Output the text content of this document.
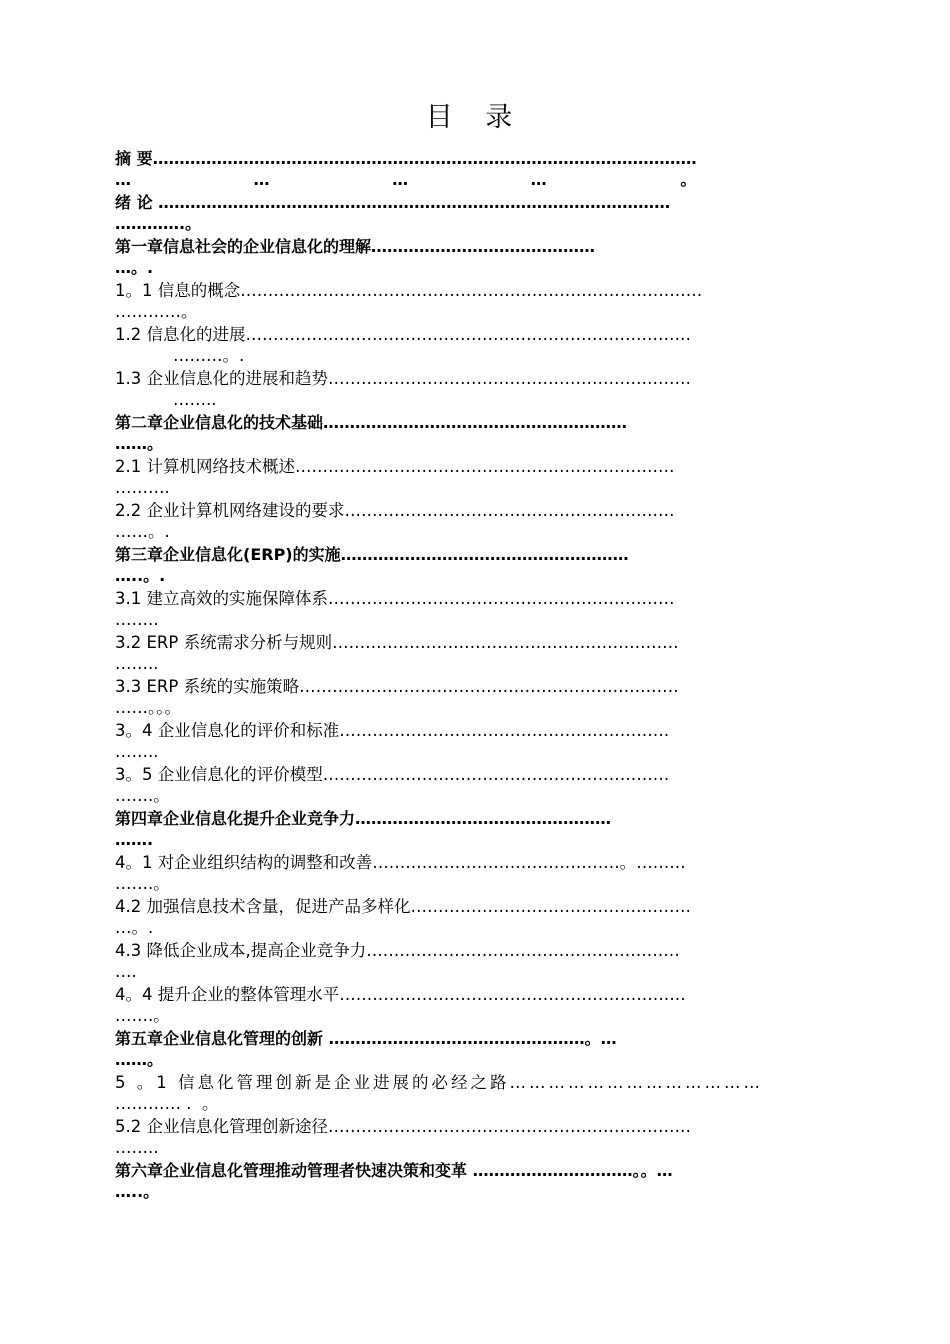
目 录
摘 要…………………………………………………………………………………………
…                      …                      …                      …                        。
绪 论 ……………………………………………………………………………………
………….。
第一章信息社会的企业信息化的理解……………………………………
…。.
1。1 信息的概念…………………………………………………………………………
…………。
1.2 信息化的进展………………………………………………………………………
………。.
1.3 企业信息化的进展和趋势…………………………………………………………
……..
第二章企业信息化的技术基础…………………………………………………
……。
2.1 计算机网络技术概述……………………………………………………………
……….
2.2 企业计算机网络建设的要求……………………………………………………
……。.
第三章企业信息化(ERP)的实施………………………………………………
…..。.
3.1 建立高效的实施保障体系………………………………………………………
……..
3.2 ERP 系统需求分析与规则………………………………………………………
……..
3.3 ERP 系统的实施策略……………………………………………………………
……。。。
3。4 企业信息化的评价和标准……………………………………………………
……..
3。5 企业信息化的评价模型………………………………………………………
…….。
第四章企业信息化提升企业竞争力…………………………………………
…….
4。1 对企业组织结构的调整和改善………………………………………。………
…….。
4.2 加强信息技术含量，促进产品多样化……………………………………………
…。.
4.3 降低企业成本,提高企业竞争力…………………………………………………
….
4。4 提升企业的整体管理水平………………………………………………………
…….。
第五章企业信息化管理的创新 …………………………………………。…
……。
5 。1 信息化管理创新是企业进展的必经之路…………………………………
………… .  。
5.2 企业信息化管理创新途径…………………………………………………………
……..
第六章企业信息化管理推动管理者快速决策和变革 …………………………。。…
…..。
